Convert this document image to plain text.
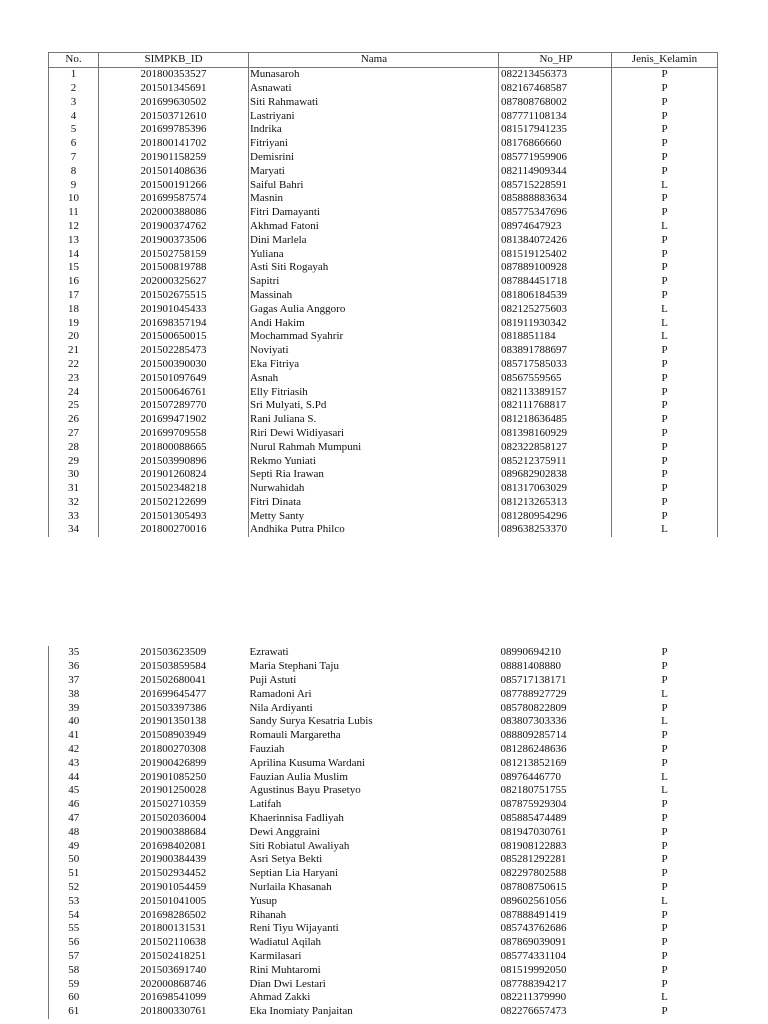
No.	SIMPKB_ID	Nama	No_HP	Jenis_Kelamin
1	201800353527	Munasaroh	082213456373	P
2	201501345691	Asnawati	082167468587	P
3	201699630502	Siti Rahmawati	087808768002	P
4	201503712610	Lastriyani	087771108134	P
5	201699785396	Indrika	081517941235	P
6	201800141702	Fitriyani	08176866660	P
7	201901158259	Demisrini	085771959906	P
8	201501408636	Maryati	082114909344	P
9	201500191266	Saiful Bahri	085715228591	L
10	201699587574	Masnin	085888883634	P
11	202000388086	Fitri Damayanti	085775347696	P
12	201900374762	Akhmad Fatoni	08974647923	L
13	201900373506	Dini Marlela	081384072426	P
14	201502758159	Yuliana	081519125402	P
15	201500819788	Asti Siti Rogayah	087889100928	P
16	202000325627	Sapitri	087884451718	P
17	201502675515	Massinah	081806184539	P
18	201901045433	Gagas Aulia Anggoro	082125275603	L
19	201698357194	Andi Hakim	081911930342	L
20	201500650015	Mochammad Syahrir	0818851184	L
21	201502285473	Noviyati	083891788697	P
22	201500390030	Eka Fitriya	085717585033	P
23	201501097649	Asnah	08567559565	P
24	201500646761	Elly Fitriasih	082113389157	P
25	201507289770	Sri Mulyati, S.Pd	082111768817	P
26	201699471902	Rani Juliana S.	081218636485	P
27	201699709558	Riri Dewi Widiyasari	081398160929	P
28	201800088665	Nurul Rahmah Mumpuni	082322858127	P
29	201503990896	Rekmo Yuniati	085212375911	P
30	201901260824	Septi Ria Irawan	089682902838	P
31	201502348218	Nurwahidah	081317063029	P
32	201502122699	Fitri Dinata	081213265313	P
33	201501305493	Metty Santy	081280954296	P
34	201800270016	Andhika Putra Philco	089638253370	L
35	201503623509	Ezrawati	08990694210	P
36	201503859584	Maria Stephani Taju	08881408880	P
37	201502680041	Puji Astuti	085717138171	P
38	201699645477	Ramadoni Ari	087788927729	L
39	201503397386	Nila Ardiyanti	085780822809	P
40	201901350138	Sandy Surya Kesatria Lubis	083807303336	L
41	201508903949	Romauli Margaretha	088809285714	P
42	201800270308	Fauziah	081286248636	P
43	201900426899	Aprilina Kusuma Wardani	081213852169	P
44	201901085250	Fauzian Aulia Muslim	08976446770	L
45	201901250028	Agustinus Bayu Prasetyo	082180751755	L
46	201502710359	Latifah	087875929304	P
47	201502036004	Khaerinnisa Fadliyah	085885474489	P
48	201900388684	Dewi Anggraini	081947030761	P
49	201698402081	Siti Robiatul Awaliyah	081908122883	P
50	201900384439	Asri Setya Bekti	085281292281	P
51	201502934452	Septian Lia Haryani	082297802588	P
52	201901054459	Nurlaila Khasanah	087808750615	P
53	201501041005	Yusup	089602561056	L
54	201698286502	Rihanah	087888491419	P
55	201800131531	Reni Tiyu Wijayanti	085743762686	P
56	201502110638	Wadiatul Aqilah	087869039091	P
57	201502418251	Karmilasari	085774331104	P
58	201503691740	Rini Muhtaromi	081519992050	P
59	202000868746	Dian Dwi Lestari	087788394217	P
60	201698541099	Ahmad Zakki	082211379990	L
61	201800330761	Eka Inomiaty Panjaitan	082276657473	P
